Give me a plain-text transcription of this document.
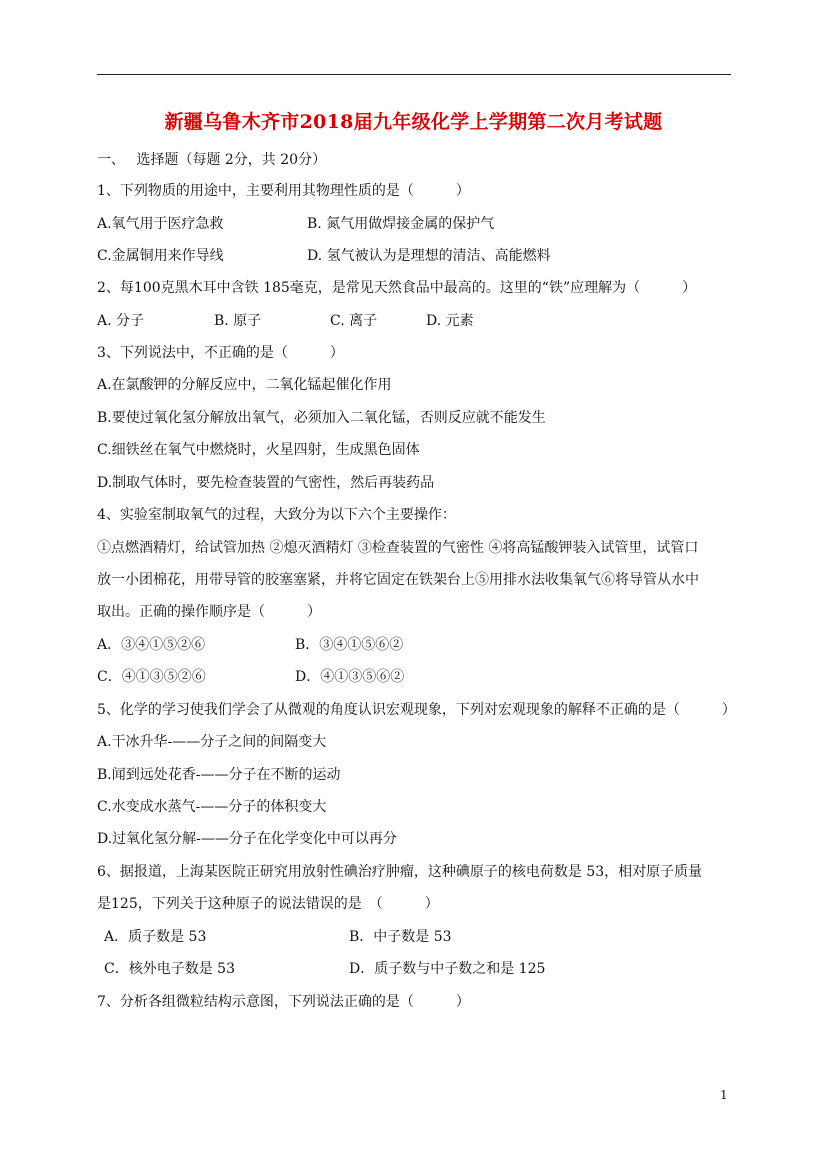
新疆乌鲁木齐市2018届九年级化学上学期第二次月考试题
一、　 选择题（每题 2分，共 20分）
1、下列物质的用途中，主要利用其物理性质的是（　　　）
A.氧气用于医疗急救	B. 氮气用做焊接金属的保护气
C.金属铜用来作导线	D. 氢气被认为是理想的清洁、高能燃料
2、每100克黑木耳中含铁 185毫克，是常见天然食品中最高的。这里的“铁”应理解为（　　　）
A. 分子	B. 原子	C. 离子	D. 元素
3、下列说法中，不正确的是（　　　）
A.在氯酸钾的分解反应中，二氧化锰起催化作用
B.要使过氧化氢分解放出氧气，必须加入二氧化锰，否则反应就不能发生
C.细铁丝在氧气中燃烧时，火星四射，生成黑色固体
D.制取气体时，要先检查装置的气密性，然后再装药品
4、实验室制取氧气的过程，大致分为以下六个主要操作：
①点燃酒精灯，给试管加热 ②熄灭酒精灯 ③检查装置的气密性 ④将高锰酸钾装入试管里，试管口
放一小团棉花，用带导管的胶塞塞紧，并将它固定在铁架台上⑤用排水法收集氧气⑥将导管从水中
取出。正确的操作顺序是（　　　）
A．③④①⑤②⑥	B．③④①⑤⑥②
C．④①③⑤②⑥	D．④①③⑤⑥②
5、化学的学习使我们学会了从微观的角度认识宏观现象，下列对宏观现象的解释不正确的是（　　　）
A.干冰升华-——分子之间的间隔变大
B.闻到远处花香-——分子在不断的运动
C.水变成水蒸气-——分子的体积变大
D.过氧化氢分解-——分子在化学变化中可以再分
6、据报道，上海某医院正研究用放射性碘治疗肿瘤，这种碘原子的核电荷数是 53，相对原子质量
是125，下列关于这种原子的说法错误的是　（　　　）
A．质子数是 53	B．中子数是 53
C．核外电子数是 53	D．质子数与中子数之和是 125
7、分析各组微粒结构示意图，下列说法正确的是（　　　）
1
